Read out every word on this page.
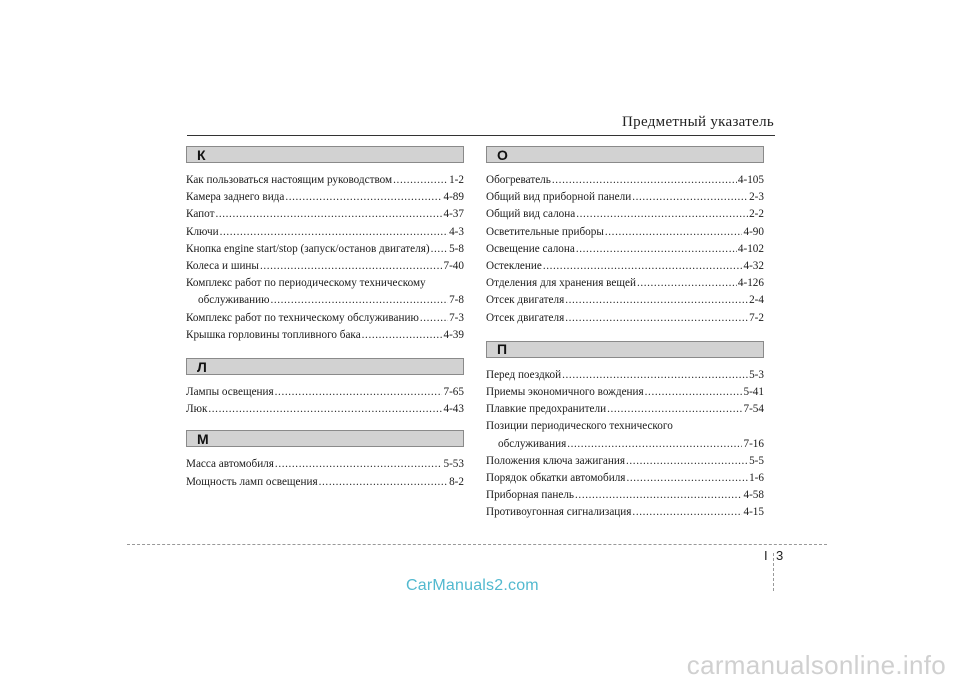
Предметный указатель
К
Как пользоваться настоящим руководством .....	1-2
Камера заднего вида .....	4-89
Капот .....	4-37
Ключи .....	4-3
Кнопка engine start/stop (запуск/останов двигателя) ..... 5-8
Колеса и шины .....	7-40
Комплекс работ по периодическому техническому
обслуживанию .....	7-8
Комплекс работ по техническому обслуживанию .....	7-3
Крышка горловины топливного бака .....	4-39
Л
Лампы освещения .....	7-65
Люк .....	4-43
М
Масса автомобиля .....	5-53
Мощность ламп освещения .....	8-2
О
Обогреватель .....	4-105
Общий вид приборной панели .....	2-3
Общий вид салона .....	2-2
Осветительные приборы .....	4-90
Освещение салона .....	4-102
Остекление .....	4-32
Отделения для хранения вещей .....	4-126
Отсек двигателя .....	2-4
Отсек двигателя .....	7-2
П
Перед поездкой .....	5-3
Приемы экономичного вождения .....	5-41
Плавкие предохранители .....	7-54
Позиции периодического технического
обслуживания .....	7-16
Положения ключа зажигания .....	5-5
Порядок обкатки автомобиля .....	1-6
Приборная панель .....	4-58
Противоугонная сигнализация .....	4-15
I 3
CarManuals2.com
carmanualsonline.info
